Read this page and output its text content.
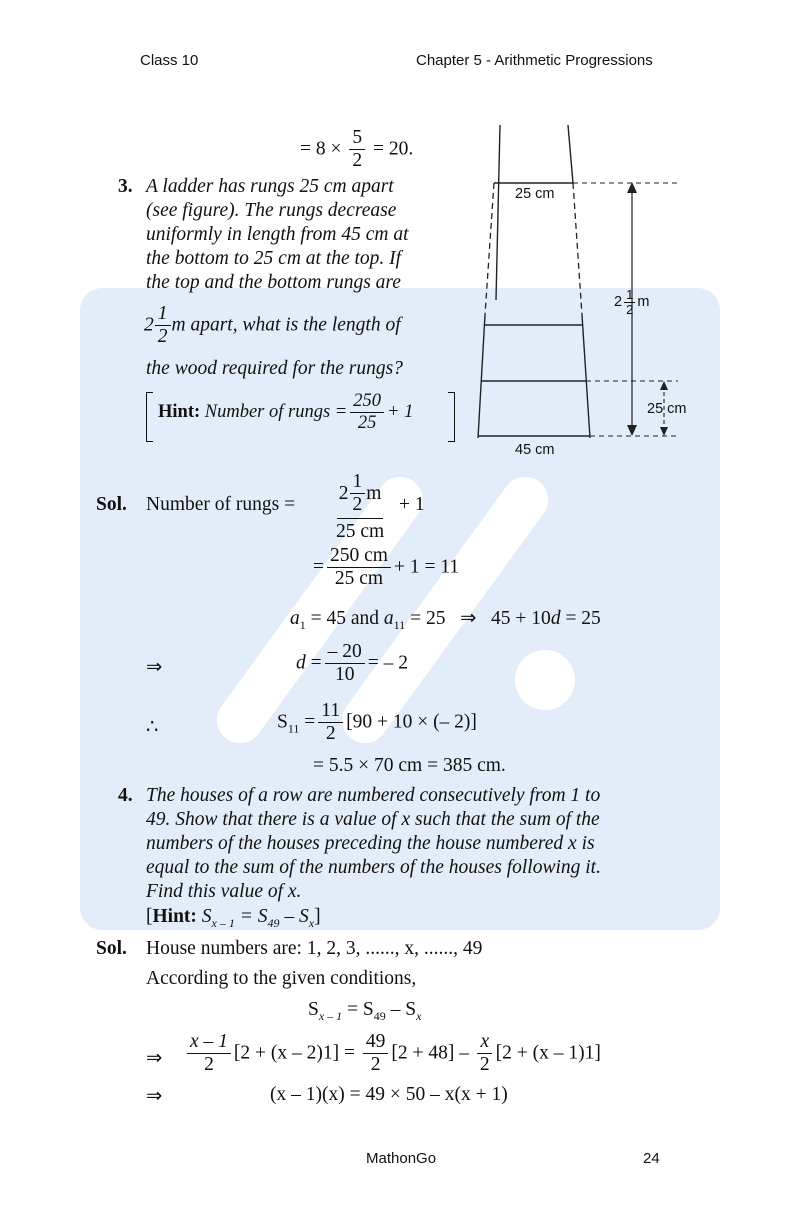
Class 10	Chapter 5 - Arithmetic Progressions
= $8 \times \frac{5}{2} = 20$.
3. A ladder has rungs 25 cm apart
(see figure). The rungs decrease
uniformly in length from 45 cm at
the bottom to 25 cm at the top. If
the top and the bottom rungs are
$2 \frac{1}{2}$ m apart, what is the length of
the wood required for the rungs?
Hint: Number of rungs = $\frac{250}{25} + 1$
25 cm
45 cm
$2 \frac{1}{2}$ m
25 cm
Sol. Number of rungs =
$2 \frac{1}{2}$ m
25 cm
+ 1
= $\frac{250 cm}{25 cm} + 1 = 11$
$a_1 = 45$ and $a_{11} = 25$   ⇒   45 + 10d = 25
⇒	$d = \frac{- 20}{10}$ = – 2
∴	$S_{11} = \frac{11}{2} [90 + 10$ × (– 2)]
= 5.5 × 70 cm = 385 cm.
4. The houses of a row are numbered consecutively from 1 to
49. Show that there is a value of x such that the sum of the
numbers of the houses preceding the house numbered x is
equal to the sum of the numbers of the houses following it.
Find this value of x.
[Hint: $S_{x - 1} = S_{49} - S_x$]
Sol. House numbers are: 1, 2, 3, ......, x, ......, 49
According to the given conditions,
$S_{x - 1} = S_{49} - S_x$
⇒ $\frac{x - 1}{2} [2 + (x - 2)1] = \frac{49}{2} [2 + 48] - \frac{x}{2} [2 + (x - 1)1]$
⇒	(x – 1)(x) = 49 × 50 – x(x + 1)
MathonGo	24
